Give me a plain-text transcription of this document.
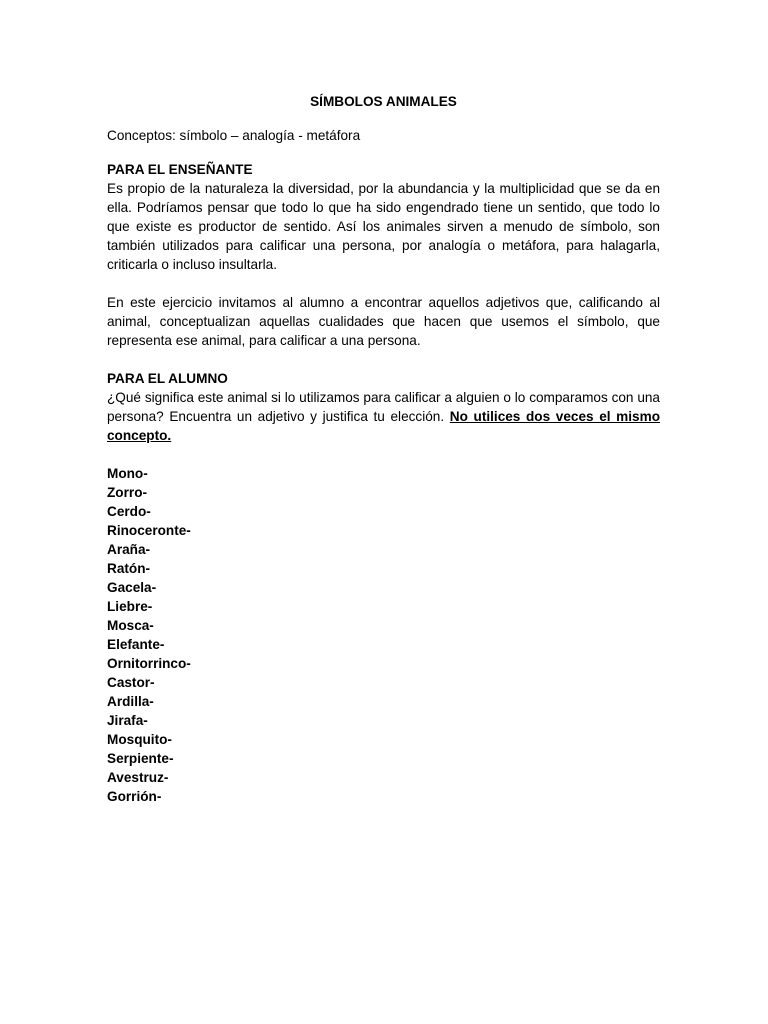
SÍMBOLOS ANIMALES

Conceptos: símbolo – analogía - metáfora

PARA EL ENSEÑANTE

Es propio de la naturaleza la diversidad, por la abundancia y la multiplicidad que se da en ella. Podríamos pensar que todo lo que ha sido engendrado tiene un sentido, que todo lo que existe es productor de sentido. Así los animales sirven a menudo de símbolo, son también utilizados para calificar una persona, por analogía o metáfora, para halagarla, criticarla o incluso insultarla.

En este ejercicio invitamos al alumno a encontrar aquellos adjetivos que, calificando al animal, conceptualizan aquellas cualidades que hacen que usemos el símbolo, que representa ese animal, para calificar a una persona.

PARA EL ALUMNO

¿Qué significa este animal si lo utilizamos para calificar a alguien o lo comparamos con una persona? Encuentra un adjetivo y justifica tu elección. No utilices dos veces el mismo concepto.

Mono-
Zorro-
Cerdo-
Rinoceronte-
Araña-
Ratón-
Gacela-
Liebre-
Mosca-
Elefante-
Ornitorrinco-
Castor-
Ardilla-
Jirafa-
Mosquito-
Serpiente-
Avestruz-
Gorrión-
